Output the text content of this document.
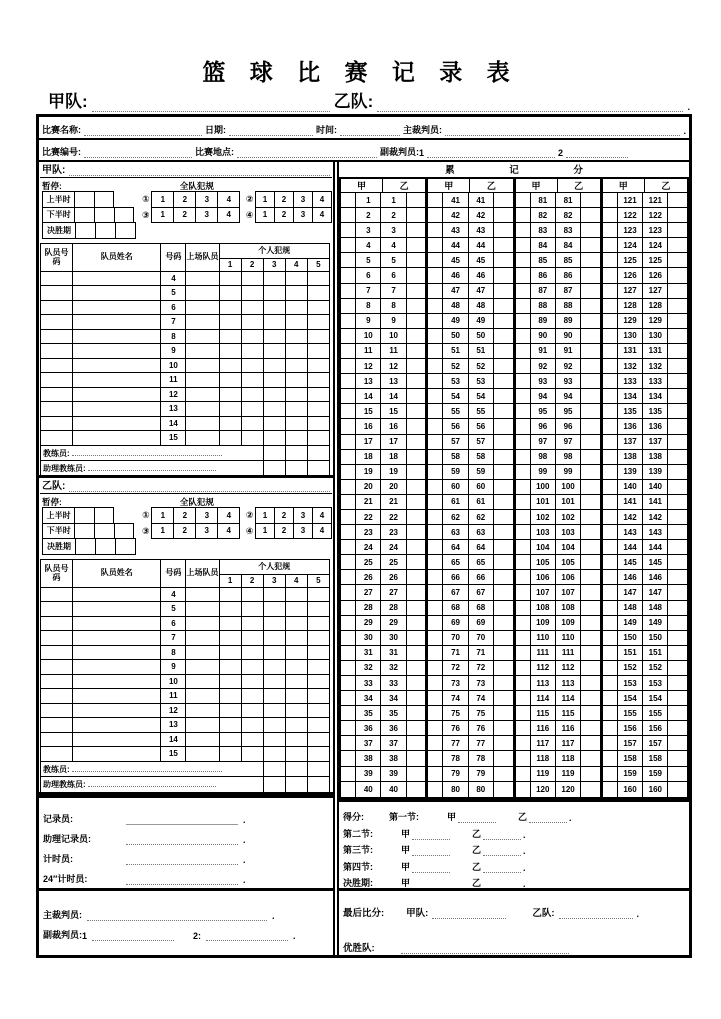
篮 球 比 赛 记 录 表
甲队:	乙队:	.
比赛名称:	日期:	时间:	主裁判员:	.
比赛编号:	比赛地点:	副裁判员: 1	2
甲队:
暂停:	全队犯规
上半时	①	1	2	3	4	②	1	2	3	4
下半时	③	1	2	3	4	④	1	2	3	4
决胜期
队员号码	队员姓名	号码	上场队员	个人犯规				
				1	2	3	4	5
		4						
		5						
		6						
		7						
		8						
		9						
		10						
		11						
		12						
		13						
		14						
		15						
教练员:								
助理教练员:								
乙队:
暂停:	全队犯规
上半时	①	1	2	3	4	②	1	2	3	4
下半时	③	1	2	3	4	④	1	2	3	4
决胜期
队员号码	队员姓名	号码	上场队员	个人犯规				
				1	2	3	4	5
		4						
		5						
		6						
		7						
		8						
		9						
		10						
		11						
		12						
		13						
		14						
		15						
教练员:								
助理教练员:								
记录员:	.
助理记录员:	.
计时员:	.
24″计时员:	.
主裁判员:	.
副裁判员: 1	2:	.
累 记 分
甲	乙
1	1
2	2
3	3
4	4
5	5
6	6
7	7
8	8
9	9
10	10
11	11
12	12
13	13
14	14
15	15
16	16
17	17
18	18
19	19
20	20
21	21
22	22
23	23
24	24
25	25
26	26
27	27
28	28
29	29
30	30
31	31
32	32
33	33
34	34
35	35
36	36
37	37
38	38
39	39
40	40
甲	乙
41	41
42	42
43	43
44	44
45	45
46	46
47	47
48	48
49	49
50	50
51	51
52	52
53	53
54	54
55	55
56	56
57	57
58	58
59	59
60	60
61	61
62	62
63	63
64	64
65	65
66	66
67	67
68	68
69	69
70	70
71	71
72	72
73	73
74	74
75	75
76	76
77	77
78	78
79	79
80	80
甲	乙
81	81
82	82
83	83
84	84
85	85
86	86
87	87
88	88
89	89
90	90
91	91
92	92
93	93
94	94
95	95
96	96
97	97
98	98
99	99
100	100
101	101
102	102
103	103
104	104
105	105
106	106
107	107
108	108
109	109
110	110
111	111
112	112
113	113
114	114
115	115
116	116
117	117
118	118
119	119
120	120
甲	乙
121	121
122	122
123	123
124	124
125	125
126	126
127	127
128	128
129	129
130	130
131	131
132	132
133	133
134	134
135	135
136	136
137	137
138	138
139	139
140	140
141	141
142	142
143	143
144	144
145	145
146	146
147	147
148	148
149	149
150	150
151	151
152	152
153	153
154	154
155	155
156	156
157	157
158	158
159	159
160	160
得分:	第一节:	甲	乙	.
第二节:	甲	乙	.
第三节:	甲	乙	.
第四节:	甲	乙	.
决胜期:	甲	乙	.
最后比分: 甲队:	乙队:	.
优胜队:
